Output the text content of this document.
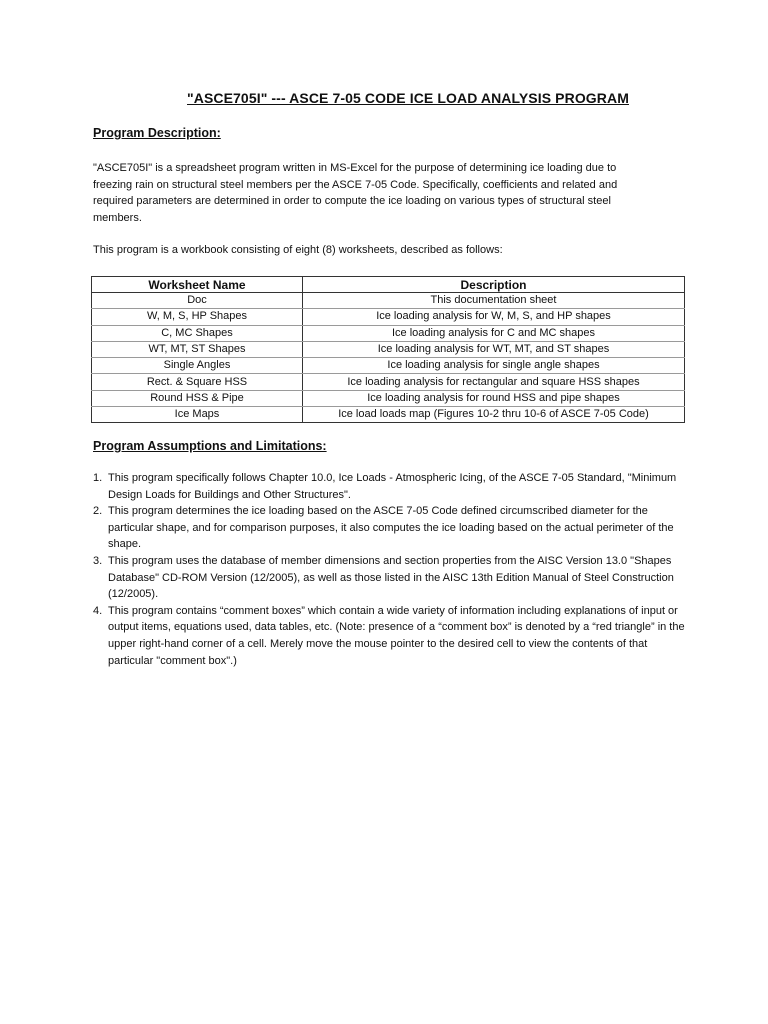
"ASCE705I" --- ASCE 7-05 CODE ICE LOAD ANALYSIS PROGRAM
Program Description:
"ASCE705I" is a spreadsheet program written in MS-Excel for the purpose of determining ice loading due to freezing rain on structural steel members per the ASCE 7-05 Code. Specifically, coefficients and related and required parameters are determined in order to compute the ice loading on various types of structural steel members.
This program is a workbook consisting of eight (8) worksheets, described as follows:
Worksheet Name	Description
Doc	This documentation sheet
W, M, S, HP Shapes	Ice loading analysis for W, M, S, and HP shapes
C, MC Shapes	Ice loading analysis for C and MC shapes
WT, MT, ST Shapes	Ice loading analysis for WT, MT, and ST shapes
Single Angles	Ice loading analysis for single angle shapes
Rect. & Square HSS	Ice loading analysis for rectangular and square HSS shapes
Round HSS & Pipe	Ice loading analysis for round HSS and pipe shapes
Ice Maps	Ice load loads map (Figures 10-2 thru 10-6 of ASCE 7-05 Code)
Program Assumptions and Limitations:
1. This program specifically follows Chapter 10.0, Ice Loads - Atmospheric Icing, of the ASCE 7-05 Standard, "Minimum Design Loads for Buildings and Other Structures".
2. This program determines the ice loading based on the ASCE 7-05 Code defined circumscribed diameter for the particular shape, and for comparison purposes, it also computes the ice loading based on the actual perimeter of the shape.
3. This program uses the database of member dimensions and section properties from the AISC Version 13.0 "Shapes Database" CD-ROM Version (12/2005), as well as those listed in the AISC 13th Edition Manual of Steel Construction (12/2005).
4. This program contains “comment boxes” which contain a wide variety of information including explanations of input or output items, equations used, data tables, etc. (Note: presence of a “comment box” is denoted by a “red triangle” in the upper right-hand corner of a cell. Merely move the mouse pointer to the desired cell to view the contents of that particular "comment box".)
